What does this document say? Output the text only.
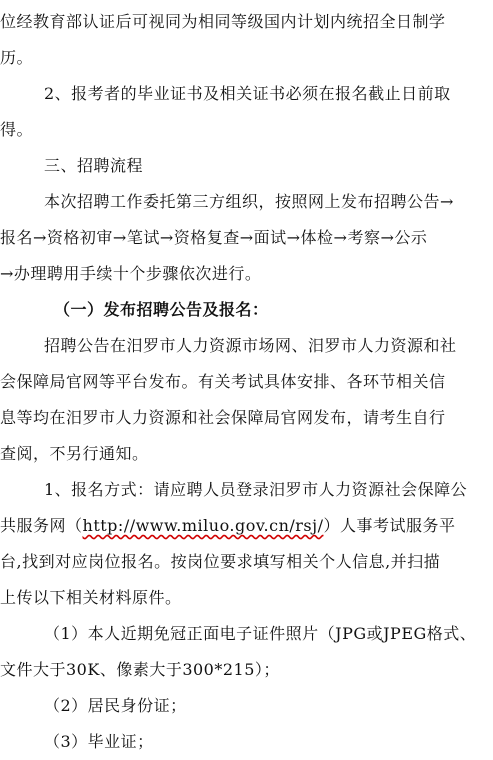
位经教育部认证后可视同为相同等级国内计划内统招全日制学
历。
2、报考者的毕业证书及相关证书必须在报名截止日前取
得。
三、招聘流程
本次招聘工作委托第三方组织，按照网上发布招聘公告→
报名→资格初审→笔试→资格复查→面试→体检→考察→公示
→办理聘用手续十个步骤依次进行。
（一）发布招聘公告及报名：
招聘公告在汨罗市人力资源市场网、汨罗市人力资源和社
会保障局官网等平台发布。有关考试具体安排、各环节相关信
息等均在汨罗市人力资源和社会保障局官网发布，请考生自行
查阅，不另行通知。
1、报名方式：请应聘人员登录汨罗市人力资源社会保障公
共服务网（http://www.miluo.gov.cn/rsj/）人事考试服务平
台,找到对应岗位报名。按岗位要求填写相关个人信息,并扫描
上传以下相关材料原件。
（1）本人近期免冠正面电子证件照片（JPG或JPEG格式、
文件大于30K、像素大于300*215）；
（2）居民身份证；
（3）毕业证；
